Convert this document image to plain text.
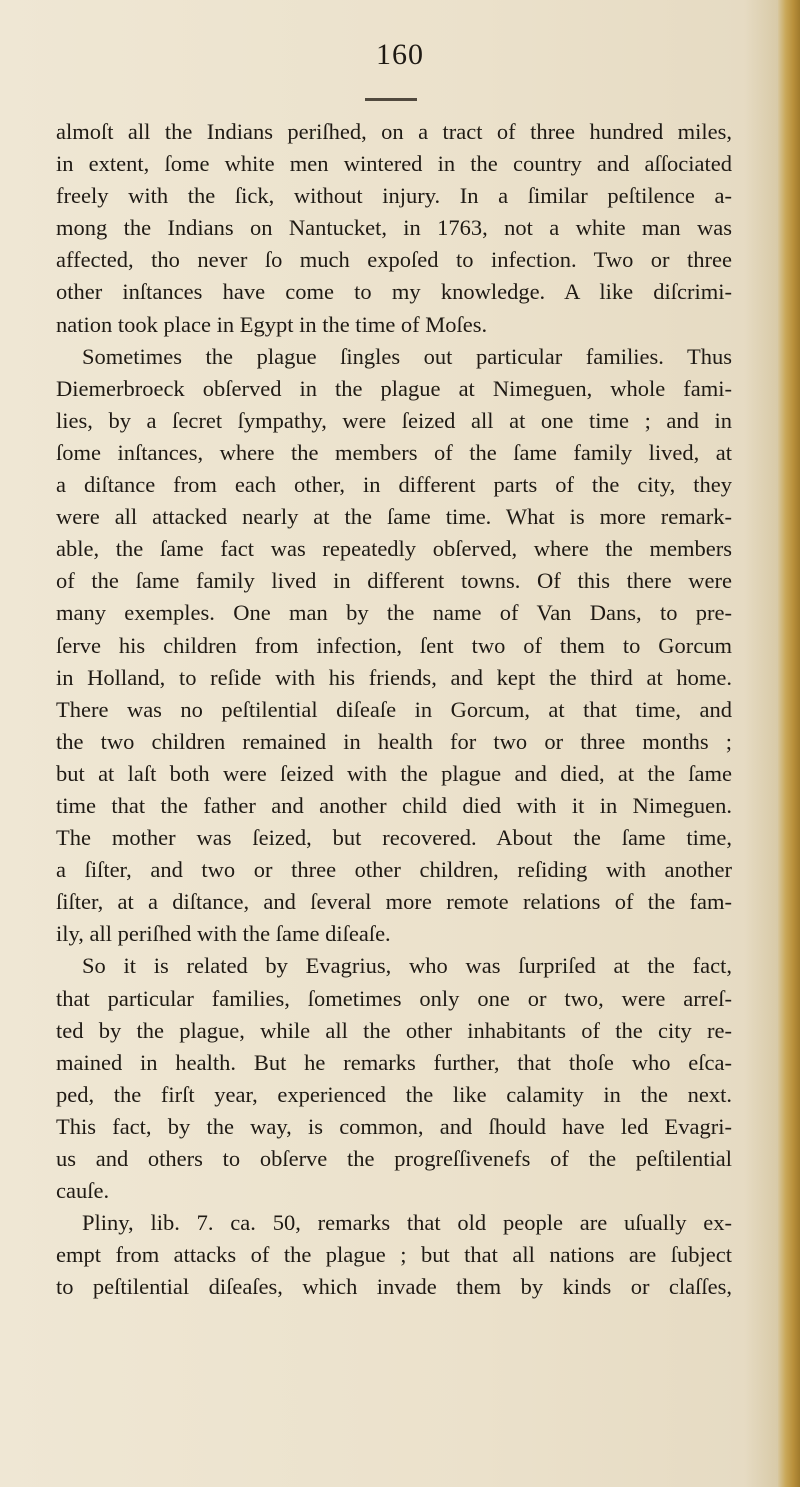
160
almoſt all the Indians periſhed, on a tract of three hundred miles,
in extent, ſome white men wintered in the country and aſſociated
freely with the ſick, without injury. In a ſimilar peſtilence a-
mong the Indians on Nantucket, in 1763, not a white man was
affected, tho never ſo much expoſed to infection. Two or three
other inſtances have come to my knowledge. A like diſcrimi-
nation took place in Egypt in the time of Moſes.
Sometimes the plague ſingles out particular families. Thus
Diemerbroeck obſerved in the plague at Nimeguen, whole fami-
lies, by a ſecret ſympathy, were ſeized all at one time ; and in
ſome inſtances, where the members of the ſame family lived, at
a diſtance from each other, in different parts of the city, they
were all attacked nearly at the ſame time. What is more remark-
able, the ſame fact was repeatedly obſerved, where the members
of the ſame family lived in different towns. Of this there were
many exemples. One man by the name of Van Dans, to pre-
ſerve his children from infection, ſent two of them to Gorcum
in Holland, to reſide with his friends, and kept the third at home.
There was no peſtilential diſeaſe in Gorcum, at that time, and
the two children remained in health for two or three months ;
but at laſt both were ſeized with the plague and died, at the ſame
time that the father and another child died with it in Nimeguen.
The mother was ſeized, but recovered. About the ſame time,
a ſiſter, and two or three other children, reſiding with another
ſiſter, at a diſtance, and ſeveral more remote relations of the fam-
ily, all periſhed with the ſame diſeaſe.
So it is related by Evagrius, who was ſurpriſed at the fact,
that particular families, ſometimes only one or two, were arreſ-
ted by the plague, while all the other inhabitants of the city re-
mained in health. But he remarks further, that thoſe who eſca-
ped, the firſt year, experienced the like calamity in the next.
This fact, by the way, is common, and ſhould have led Evagri-
us and others to obſerve the progreſſivenefs of the peſtilential
cauſe.
Pliny, lib. 7. ca. 50, remarks that old people are uſually ex-
empt from attacks of the plague ; but that all nations are ſubject
to peſtilential diſeaſes, which invade them by kinds or claſſes,
